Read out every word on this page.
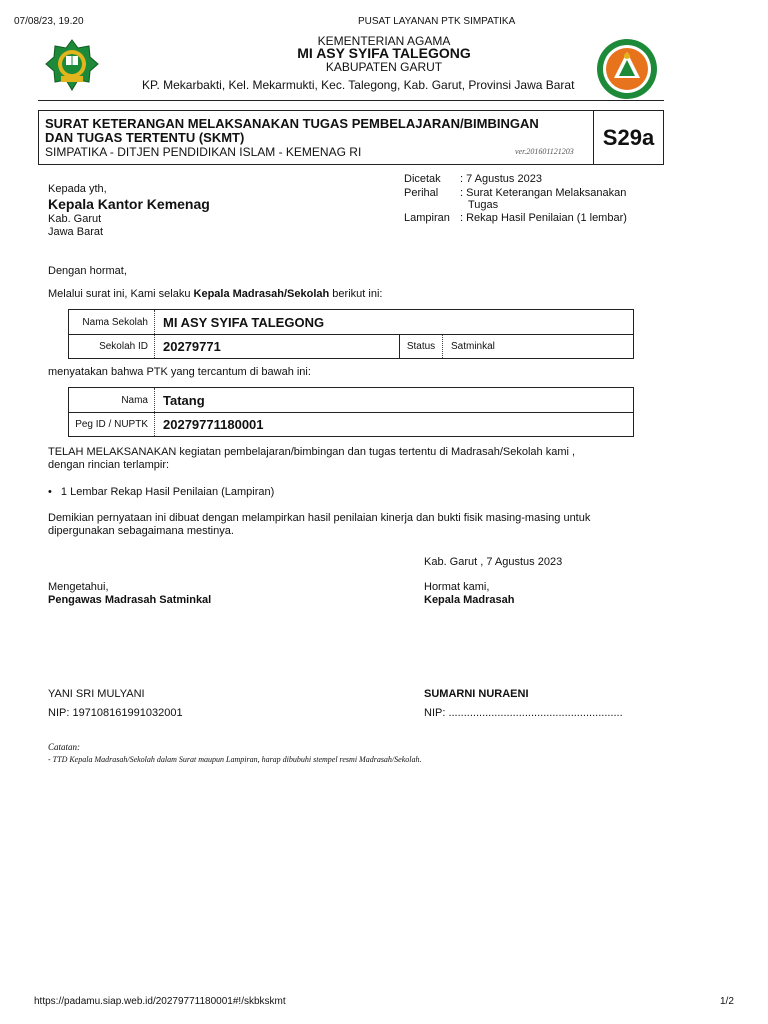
07/08/23, 19.20	PUSAT LAYANAN PTK SIMPATIKA
KEMENTERIAN AGAMA
MI ASY SYIFA TALEGONG
KABUPATEN GARUT
KP. Mekarbakti, Kel. Mekarmukti, Kec. Talegong, Kab. Garut, Provinsi Jawa Barat
SURAT KETERANGAN MELAKSANAKAN TUGAS PEMBELAJARAN/BIMBINGAN
DAN TUGAS TERTENTU (SKMT)
SIMPATIKA - DITJEN PENDIDIKAN ISLAM - KEMENAG RI	ver.201601121203
S29a
Kepada yth,
Kepala Kantor Kemenag
Kab. Garut
Jawa Barat
Dicetak : 7 Agustus 2023
Perihal : Surat Keterangan Melaksanakan
Tugas
Lampiran : Rekap Hasil Penilaian (1 lembar)
Dengan hormat,
Melalui surat ini, Kami selaku Kepala Madrasah/Sekolah berikut ini:
Nama Sekolah	MI ASY SYIFA TALEGONG
Sekolah ID	20279771	Status	Satminkal
menyatakan bahwa PTK yang tercantum di bawah ini:
Nama	Tatang
Peg ID / NUPTK	20279771180001
TELAH MELAKSANAKAN kegiatan pembelajaran/bimbingan dan tugas tertentu di Madrasah/Sekolah kami ,
dengan rincian terlampir:
• 1 Lembar Rekap Hasil Penilaian (Lampiran)
Demikian pernyataan ini dibuat dengan melampirkan hasil penilaian kinerja dan bukti fisik masing-masing untuk
dipergunakan sebagaimana mestinya.
Kab. Garut , 7 Agustus 2023
Mengetahui,
Pengawas Madrasah Satminkal
Hormat kami,
Kepala Madrasah
YANI SRI MULYANI
NIP: 197108161991032001
SUMARNI NURAENI
NIP: .........................................................
Catatan:
- TTD Kepala Madrasah/Sekolah dalam Surat maupun Lampiran, harap dibubuhi stempel resmi Madrasah/Sekolah.
https://padamu.siap.web.id/20279771180001#!/skbkskmt	1/2
